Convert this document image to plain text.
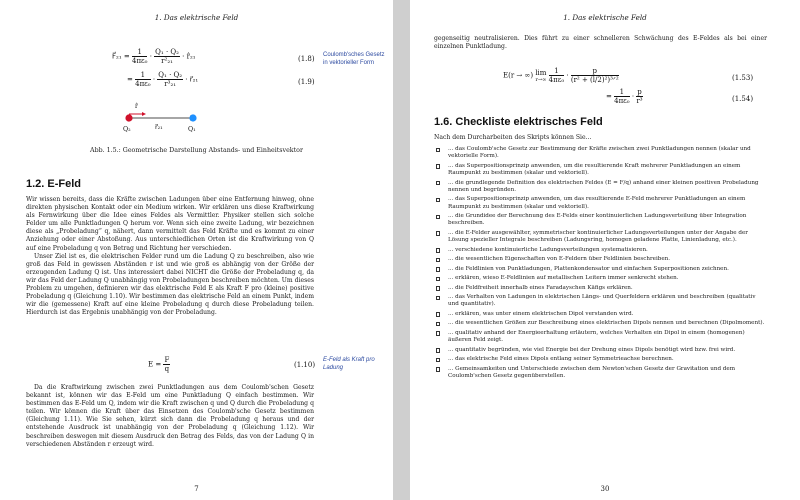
1. Das elektrische Feld
F⃗₂₁ = $\frac{1}{\text{4πε₀}} \cdot \frac{\text{Q₁ · Q₂}}{\text{r²₂₁}}$ · r̂₂₁	(1.8) Coulomb'sches Gesetz in vektorieller Form
= $\frac{1}{\text{4πε₀}} \cdot \frac{\text{Q₁ · Q₂}}{\text{r³₂₁}}$ · r⃗₂₁	(1.9)
r̂
Q₂	r⃗₂₁	Q₁
Abb. 1.5.: Geometrische Darstellung Abstands- und Einheitsvektor
1.2. E-Feld

Wir wissen bereits, dass die Kräfte zwischen Ladungen über eine Entfernung hinweg, ohne direkten physischen Kontakt oder ein Medium wirken. Wir erklären uns diese Kraftwirkung als Fernwirkung über die Idee eines Feldes als Vermittler. Physiker stellen sich solche Felder um alle Punktladungen Q herum vor. Wenn sich eine zweite Ladung, wir bezeichnen diese als „Probeladung“ q, nähert, dann vermittelt das Feld Kräfte und es kommt zu einer Anziehung oder einer Abstoßung. Aus unterschiedlichen Orten ist die Kraftwirkung von Q auf eine Probeladung q von Betrag und Richtung her verschieden.

Unser Ziel ist es, die elektrischen Felder rund um die Ladung Q zu beschreiben, also wie groß das Feld in gewissen Abständen r ist und wie groß es abhängig von der Größe der erzeugenden Ladung Q ist. Uns interessiert dabei NICHT die Größe der Probeladung q, da wir das Feld der Ladung Q unabhängig von Probeladungen beschreiben möchten. Um dieses Problem zu umgehen, definieren wir das elektrische Feld E als Kraft F pro (kleine) positive Probeladung q (Gleichung 1.10). Wir bestimmen das elektrische Feld an einem Punkt, indem wir die (gemessene) Kraft auf eine kleine Probeladung q durch diese Probeladung teilen. Hierdurch ist das Ergebnis unabhängig von der Probeladung.

$E = \frac{F}{q}$	(1.10)
E-Feld als Kraft pro Ladung

Da die Kraftwirkung zwischen zwei Punktladungen aus dem Coulomb'schen Gesetz bekannt ist, können wir das E-Feld um eine Punktladung Q einfach bestimmen. Wir bestimmen das E-Feld um Q, indem wir die Kraft zwischen q und Q durch die Probeladung q teilen. Wir können die Kraft über das Einsetzen des Coulomb'sche Gesetz bestimmen (Gleichung 1.11). Wie Sie sehen, kürzt sich dann die Probeladung q heraus und der entstehende Ausdruck ist unabhängig von der Probeladung q (Gleichung 1.12). Wir beschreiben deswegen mit diesem Ausdruck den Betrag des Felds, das von der Ladung Q in verschiedenen Abständen r erzeugt wird.

7
1. Das elektrische Feld

gegenseitig neutralisieren. Dies führt zu einer schnelleren Schwächung des E-Feldes als bei einer einzelnen Punktladung.

E(r → ∞) lim
r→∞
$\frac{1}{\text{4πε₀}} \cdot \frac{p}{\text{(r² + (l/2)²)³ᐟ²}}$	(1.53)
= $\frac{1}{\text{4πε₀}} \cdot \frac{p}{\text{r³}}$	(1.54)
1.6. Checkliste elektrisches Feld

Nach dem Durcharbeiten des Skripts können Sie...

... das Coulomb'sche Gesetz zur Bestimmung der Kräfte zwischen zwei Punktladungen nennen (skalar und vektorielle Form).
... das Superpositionsprinzip anwenden, um die resultierende Kraft mehrerer Punktladungen an einem Raumpunkt zu bestimmen (skalar und vektoriell).
... die grundlegende Definition des elektrischen Feldes (E = F/q) anhand einer kleinen positiven Probeladung nennen und begründen.
... das Superpositionsprinzip anwenden, um das resultierende E-Feld mehrerer Punktladungen an einem Raumpunkt zu bestimmen (skalar und vektoriell).
... die Grundidee der Berechnung des E-Felds einer kontinuierlichen Ladungsverteilung über Integration beschreiben.
... die E-Felder ausgewählter, symmetrischer kontinuierlicher Ladungsverteilungen unter der Angabe der Lösung spezieller Integrale beschreiben (Ladungsring, homogen geladene Platte, Linienladung, etc.).
... verschiedene kontinuierliche Ladungsverteilungen systematisieren.
... die wesentlichen Eigenschaften von E-Feldern über Feldlinien beschreiben.
... die Feldlinien von Punktladungen, Plattenkondensator und einfachen Superpositionen zeichnen.
... erklären, wieso E-Feldlinien auf metallischen Leitern immer senkrecht stehen.
... die Feldfreiheit innerhalb eines Faradayschen Käfigs erklären.
... das Verhalten von Ladungen in elektrischen Längs- und Querfeldern erklären und beschreiben (qualitativ und quantitativ).
... erklären, was unter einem elektrischen Dipol verstanden wird.
... die wesentlichen Größen zur Beschreibung eines elektrischen Dipols nennen und berechnen (Dipolmoment).
... qualitativ anhand der Energieerhaltung erläutern, welches Verhalten ein Dipol in einem (homogenen) äußeren Feld zeigt.
... quantitativ begründen, wie viel Energie bei der Drehung eines Dipols benötigt wird bzw. frei wird.
... das elektrische Feld eines Dipols entlang seiner Symmetrieachse berechnen.
... Gemeinsamkeiten und Unterschiede zwischen dem Newton'schen Gesetz der Gravitation und dem Coulomb'schen Gesetz gegenüberstellen.
30
